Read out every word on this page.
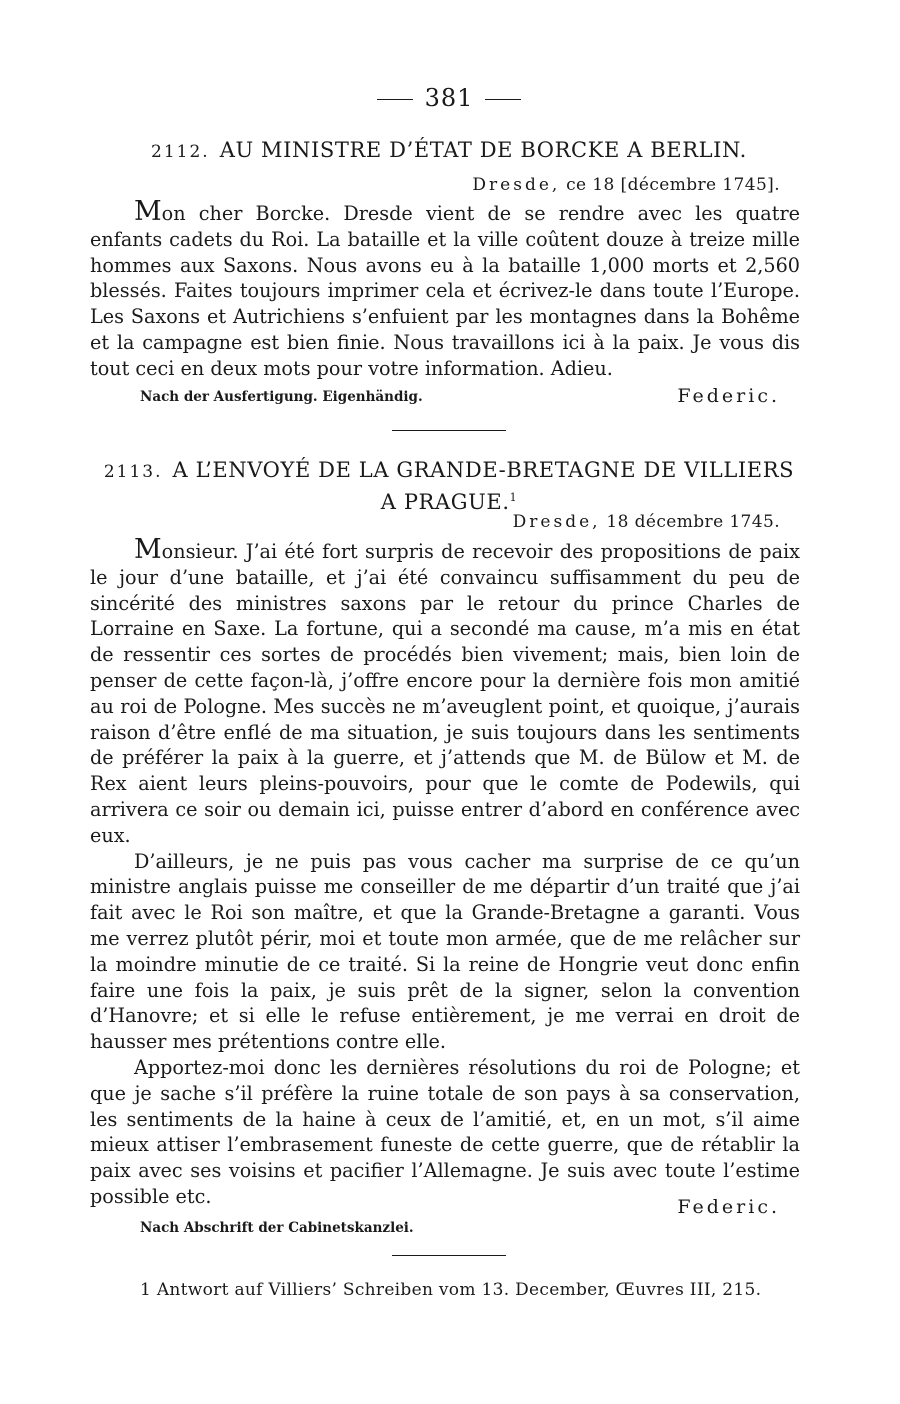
381
2112. AU MINISTRE D’ÉTAT DE BORCKE A BERLIN.
Dresde, ce 18 [décembre 1745].

Mon cher Borcke. Dresde vient de se rendre avec les quatre enfants cadets du Roi. La bataille et la ville coûtent douze à treize mille hommes aux Saxons. Nous avons eu à la bataille 1,000 morts et 2,560 blessés. Faites toujours imprimer cela et écrivez-le dans toute l’Europe. Les Saxons et Autrichiens s’enfuient par les montagnes dans la Bohême et la campagne est bien finie. Nous travaillons ici à la paix. Je vous dis tout ceci en deux mots pour votre information. Adieu.

Nach der Ausfertigung. Eigenhändig.	Federic.
2113. A L’ENVOYÉ DE LA GRANDE-BRETAGNE DE VILLIERS
A PRAGUE.$^1$
Dresde, 18 décembre 1745.

Monsieur. J’ai été fort surpris de recevoir des propositions de paix le jour d’une bataille, et j’ai été convaincu suffisamment du peu de sincérité des ministres saxons par le retour du prince Charles de Lorraine en Saxe. La fortune, qui a secondé ma cause, m’a mis en état de ressentir ces sortes de procédés bien vivement; mais, bien loin de penser de cette façon-là, j’offre encore pour la dernière fois mon amitié au roi de Pologne. Mes succès ne m’aveuglent point, et quoique, j’aurais raison d’être enflé de ma situation, je suis toujours dans les sentiments de préférer la paix à la guerre, et j’attends que M. de Bülow et M. de Rex aient leurs pleins-pouvoirs, pour que le comte de Podewils, qui arrivera ce soir ou demain ici, puisse entrer d’abord en conférence avec eux.

D’ailleurs, je ne puis pas vous cacher ma surprise de ce qu’un ministre anglais puisse me conseiller de me départir d’un traité que j’ai fait avec le Roi son maître, et que la Grande-Bretagne a garanti. Vous me verrez plutôt périr, moi et toute mon armée, que de me relâcher sur la moindre minutie de ce traité. Si la reine de Hongrie veut donc enfin faire une fois la paix, je suis prêt de la signer, selon la convention d’Hanovre; et si elle le refuse entièrement, je me verrai en droit de hausser mes prétentions contre elle.

Apportez-moi donc les dernières résolutions du roi de Pologne; et que je sache s’il préfère la ruine totale de son pays à sa conservation, les sentiments de la haine à ceux de l’amitié, et, en un mot, s’il aime mieux attiser l’embrasement funeste de cette guerre, que de rétablir la paix avec ses voisins et pacifier l’Allemagne. Je suis avec toute l’estime possible etc.	Federic.
Nach Abschrift der Cabinetskanzlei.
1 Antwort auf Villiers’ Schreiben vom 13. December, Œuvres III, 215.
